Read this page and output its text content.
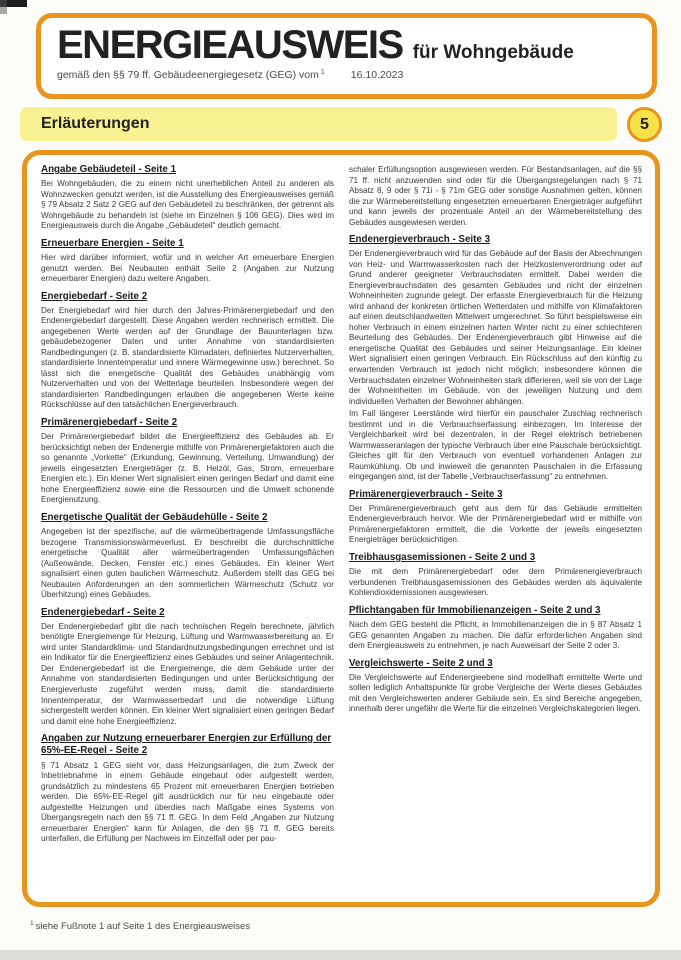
ENERGIEAUSWEIS für Wohngebäude
gemäß den §§ 79 ff. Gebäudeenergiegesetz (GEG) vom $^1$ 16.10.2023
Erläuterungen	5
Angabe Gebäudeteil - Seite 1

Bei Wohngebäuden, die zu einem nicht unerheblichen Anteil zu anderen als Wohnzwecken genutzt werden, ist die Ausstellung des Energieausweises gemäß § 79 Absatz 2 Satz 2 GEG auf den Gebäudeteil zu beschränken, der getrennt als Wohngebäude zu behandeln ist (siehe im Einzelnen § 106 GEG). Dies wird im Energieausweis durch die Angabe „Gebäudeteil“ deutlich gemacht.

Erneuerbare Energien - Seite 1

Hier wird darüber informiert, wofür und in welcher Art erneuerbare Energien genutzt werden. Bei Neubauten enthält Seite 2 (Angaben zur Nutzung erneuerbarer Energien) dazu weitere Angaben.

Energiebedarf - Seite 2

Der Energiebedarf wird hier durch den Jahres-Primärenergiebedarf und den Endenergiebedarf dargestellt. Diese Angaben werden rechnerisch ermittelt. Die angegebenen Werte werden auf der Grundlage der Bauunterlagen bzw. gebäudebezogener Daten und unter Annahme von standardisierten Randbedingungen (z. B. standardisierte Klimadaten, definiertes Nutzerverhalten, standardisierte Innentemperatur und innere Wärmegewinne usw.) berechnet. So lässt sich die energetische Qualität des Gebäudes unabhängig vom Nutzerverhalten und von der Wetterlage beurteilen. Insbesondere wegen der standardisierten Randbedingungen erlauben die angegebenen Werte keine Rückschlüsse auf den tatsächlichen Energieverbrauch.

Primärenergiebedarf - Seite 2

Der Primärenergiebedarf bildet die Energieeffizienz des Gebäudes ab. Er berücksichtigt neben der Endenergie mithilfe von Primärenergiefaktoren auch die so genannte „Vorkette“ (Erkundung, Gewinnung, Verteilung, Umwandlung) der jeweils eingesetzten Energieträger (z. B. Heizöl, Gas, Strom, erneuerbare Energien etc.). Ein kleiner Wert signalisiert einen geringen Bedarf und damit eine hohe Energieeffizienz sowie eine die Ressourcen und die Umwelt schonende Energienutzung.

Energetische Qualität der Gebäudehülle - Seite 2

Angegeben ist der spezifische, auf die wärmeübertragende Umfassungsfläche bezogene Transmissionswärmeverlust. Er beschreibt die durchschnittliche energetische Qualität aller wärmeübertragenden Umfassungsflächen (Außenwände, Decken, Fenster etc.) eines Gebäudes. Ein kleiner Wert signalisiert einen guten baulichen Wärmeschutz. Außerdem stellt das GEG bei Neubauten Anforderungen an den sommerlichen Wärmeschutz (Schutz vor Überhitzung) eines Gebäudes.

Endenergiebedarf - Seite 2

Der Endenergiebedarf gibt die nach technischen Regeln berechnete, jährlich benötigte Energiemenge für Heizung, Lüftung und Warmwasserbereitung an. Er wird unter Standardklima- und Standardnutzungsbedingungen errechnet und ist ein Indikator für die Energieeffizienz eines Gebäudes und seiner Anlagentechnik. Der Endenergiebedarf ist die Energiemenge, die dem Gebäude unter der Annahme von standardisierten Bedingungen und unter Berücksichtigung der Energieverluste zugeführt werden muss, damit die standardisierte Innentemperatur, der Warmwasserbedarf und die notwendige Lüftung sichergestellt werden können. Ein kleiner Wert signalisiert einen geringen Bedarf und damit eine hohe Energieeffizienz.

Angaben zur Nutzung erneuerbarer Energien zur Erfüllung der 65%-EE-Regel - Seite 2

§ 71 Absatz 1 GEG sieht vor, dass Heizungsanlagen, die zum Zweck der Inbetriebnahme in einem Gebäude eingebaut oder aufgestellt werden, grundsätzlich zu mindestens 65 Prozent mit erneuerbaren Energien betrieben werden. Die 65%-EE-Regel gilt ausdrücklich nur für neu eingebaute oder aufgestellte Heizungen und überdies nach Maßgabe eines Systems von Übergangsregeln nach den §§ 71 ff. GEG. In dem Feld „Angaben zur Nutzung erneuerbarer Energien“ kann für Anlagen, die den §§ 71 ff. GEG bereits unterfallen, die Erfüllung per Nachweis im Einzelfall oder per pau-

schaler Erfüllungsoption ausgewiesen werden. Für Bestandsanlagen, auf die §§ 71 ff. nicht anzuwenden sind oder für die Übergangsregelungen nach § 71 Absatz 8, 9 oder § 71i - § 71m GEG oder sonstige Ausnahmen gelten, können die zur Wärmebereitstellung eingesetzten erneuerbaren Energieträger aufgeführt und kann jeweils der prozentuale Anteil an der Wärmebereitstellung des Gebäudes ausgewiesen werden.

Endenergieverbrauch - Seite 3

Der Endenergieverbrauch wird für das Gebäude auf der Basis der Abrechnungen von Heiz- und Warmwasserkosten nach der Heizkostenverordnung oder auf Grund anderer geeigneter Verbrauchsdaten ermittelt. Dabei werden die Energieverbrauchsdaten des gesamten Gebäudes und nicht der einzelnen Wohneinheiten zugrunde gelegt. Der erfasste Energieverbrauch für die Heizung wird anhand der konkreten örtlichen Wetterdaten und mithilfe von Klimafaktoren auf einen deutschlandweiten Mittelwert umgerechnet. So führt beispielsweise ein hoher Verbrauch in einem einzelnen harten Winter nicht zu einer schlechteren Beurteilung des Gebäudes. Der Endenergieverbrauch gibt Hinweise auf die energetische Qualität des Gebäudes und seiner Heizungsanlage. Ein kleiner Wert signalisiert einen geringen Verbrauch. Ein Rückschluss auf den künftig zu erwartenden Verbrauch ist jedoch nicht möglich; insbesondere können die Verbrauchsdaten einzelner Wohneinheiten stark differieren, weil sie von der Lage der Wohneinheiten im Gebäude, von der jeweiligen Nutzung und dem individuellen Verhalten der Bewohner abhängen.

Im Fall längerer Leerstände wird hierfür ein pauschaler Zuschlag rechnerisch bestimmt und in die Verbrauchserfassung einbezogen. Im Interesse der Vergleichbarkeit wird bei dezentralen, in der Regel elektrisch betriebenen Warmwasseranlagen der typische Verbrauch über eine Pauschale berücksichtigt. Gleiches gilt für den Verbrauch von eventuell vorhandenen Anlagen zur Raumkühlung. Ob und inwieweit die genannten Pauschalen in die Erfassung eingegangen sind, ist der Tabelle „Verbrauchserfassung“ zu entnehmen.

Primärenergieverbrauch - Seite 3

Der Primärenergieverbrauch geht aus dem für das Gebäude ermittelten Endenergieverbrauch hervor. Wie der Primärenergiebedarf wird er mithilfe von Primärenergiefaktoren ermittelt, die die Vorkette der jeweils eingesetzten Energieträger berücksichtigen.

Treibhausgasemissionen - Seite 2 und 3

Die mit dem Primärenergiebedarf oder dem Primärenergieverbrauch verbundenen Treibhausgasemissionen des Gebäudes werden als äquivalente Kohlendioxidemissionen ausgewiesen.

Pflichtangaben für Immobilienanzeigen - Seite 2 und 3

Nach dem GEG besteht die Pflicht, in Immobilienanzeigen die in § 87 Absatz 1 GEG genannten Angaben zu machen. Die dafür erforderlichen Angaben sind dem Energieausweis zu entnehmen, je nach Ausweisart der Seite 2 oder 3.

Vergleichswerte - Seite 2 und 3

Die Vergleichswerte auf Endenergieebene sind modellhaft ermittelte Werte und sollen lediglich Anhaltspunkte für grobe Vergleiche der Werte dieses Gebäudes mit den Vergleichswerten anderer Gebäude sein. Es sind Bereiche angegeben, innerhalb derer ungefähr die Werte für die einzelnen Vergleichskategorien liegen.

$^1$ siehe Fußnote 1 auf Seite 1 des Energieausweises
